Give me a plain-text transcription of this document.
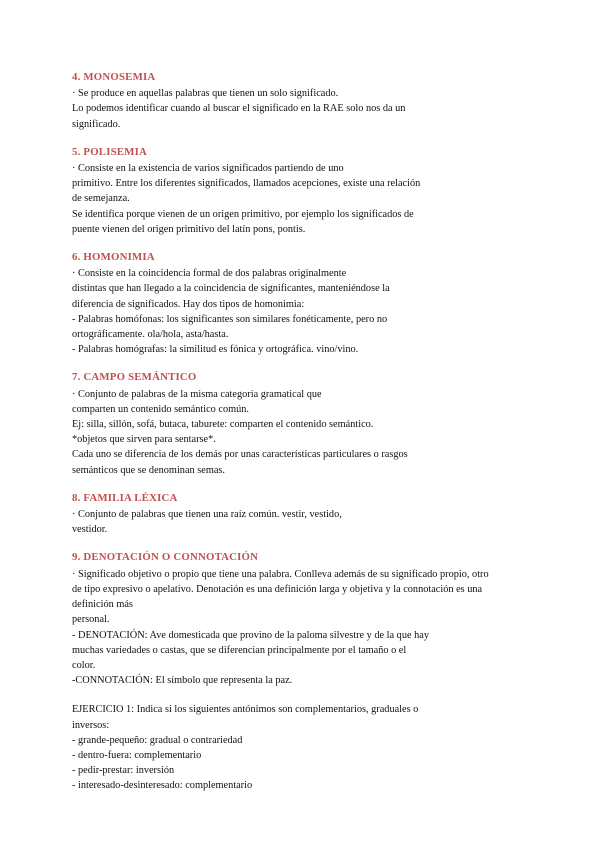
4. MONOSEMIA
· Se produce en aquellas palabras que tienen un solo significado.
Lo podemos identificar cuando al buscar el significado en la RAE solo nos da un
significado.
5. POLISEMIA
· Consiste en la existencia de varios significados partiendo de uno
primitivo. Entre los diferentes significados, llamados acepciones, existe una relación
de semejanza.
Se identifica porque vienen de un origen primitivo, por ejemplo los significados de
puente vienen del origen primitivo del latín pons, pontis.
6. HOMONIMIA
· Consiste en la coincidencia formal de dos palabras originalmente
distintas que han llegado a la coincidencia de significantes, manteniéndose la
diferencia de significados. Hay dos tipos de homonimia:
- Palabras homófonas: los significantes son similares fonéticamente, pero no
ortográficamente. ola/hola, asta/hasta.
- Palabras homógrafas: la similitud es fónica y ortográfica. vino/vino.
7. CAMPO SEMÁNTICO
· Conjunto de palabras de la misma categoría gramatical que
comparten un contenido semántico común.
Ej: silla, sillón, sofá, butaca, taburete: comparten el contenido semántico.
*objetos que sirven para sentarse*.
Cada uno se diferencia de los demás por unas características particulares o rasgos
semánticos que se denominan semas.
8. FAMILIA LÉXICA
· Conjunto de palabras que tienen una raíz común. vestir, vestido,
vestidor.
9. DENOTACIÓN O CONNOTACIÓN
· Significado objetivo o propio que tiene una palabra. Conlleva además de su significado propio, otro
de tipo expresivo o apelativo. Denotación es una definición larga y objetiva y la connotación es una
definición más
personal.
- DENOTACIÓN: Ave domesticada que provino de la paloma silvestre y de la que hay
muchas variedades o castas, que se diferencian principalmente por el tamaño o el
color.
-CONNOTACIÓN: El símbolo que representa la paz.
EJERCICIO 1: Indica si los siguientes antónimos son complementarios, graduales o
inversos:
- grande-pequeño: gradual o contrariedad
- dentro-fuera: complementario
- pedir-prestar: inversión
- interesado-desinteresado: complementario
